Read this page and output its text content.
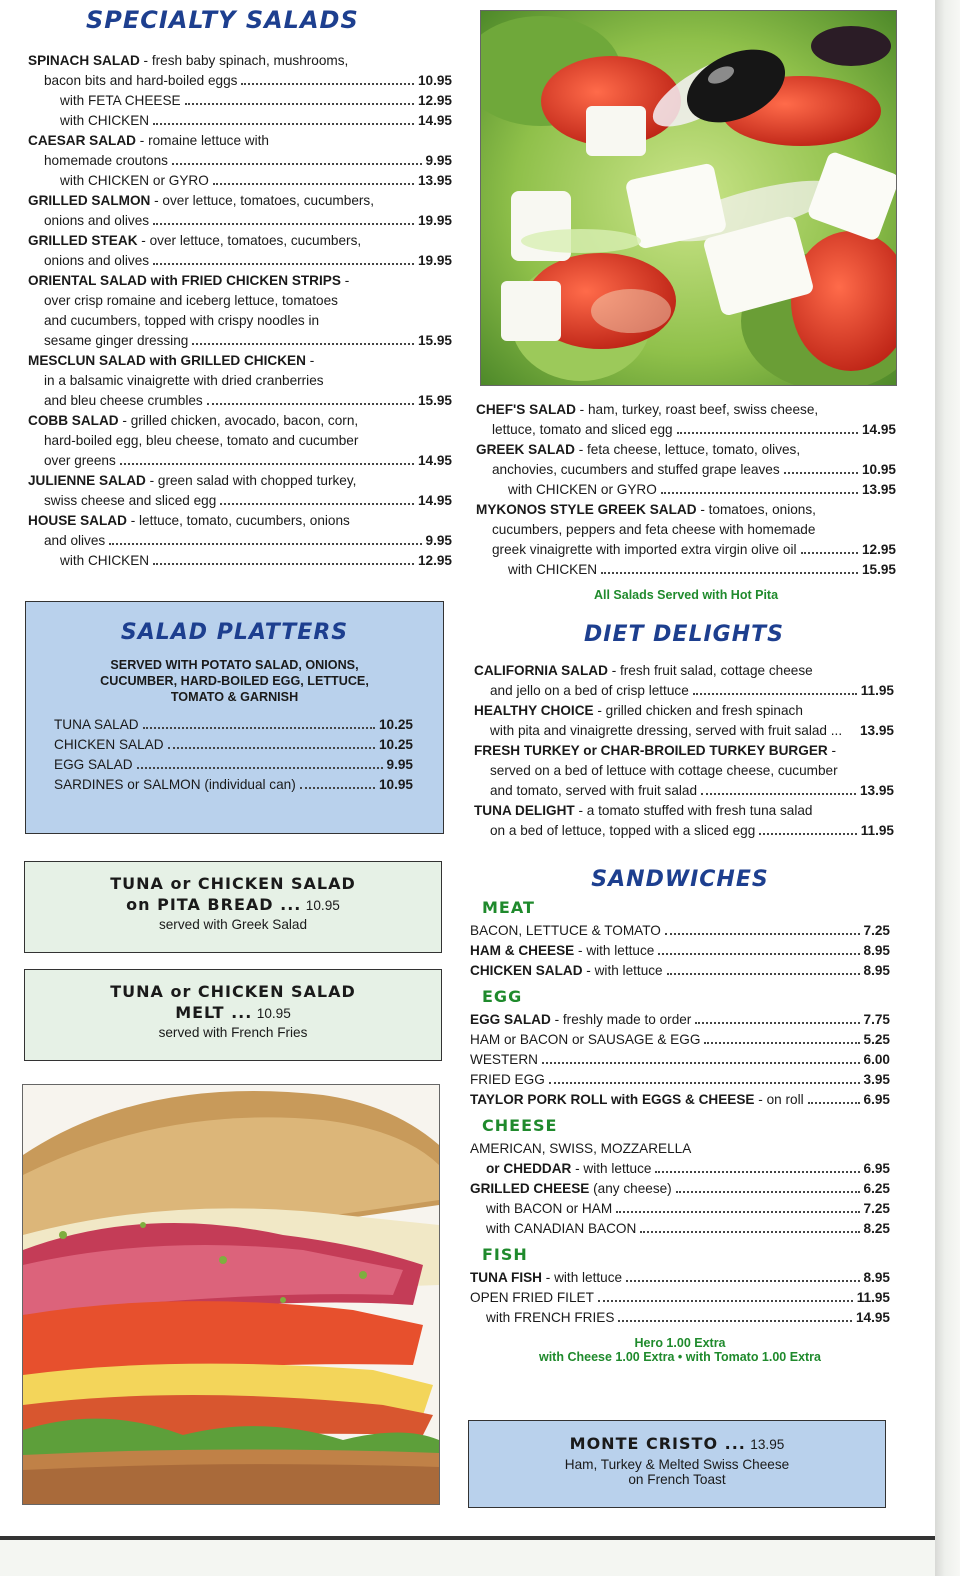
SPECIALTY SALADS
SPINACH SALAD - fresh baby spinach, mushrooms,
bacon bits and hard-boiled eggs	10.95
with FETA CHEESE	12.95
with CHICKEN	14.95
CAESAR SALAD - romaine lettuce with
homemade croutons	9.95
with CHICKEN or GYRO	13.95
GRILLED SALMON - over lettuce, tomatoes, cucumbers,
onions and olives	19.95
GRILLED STEAK - over lettuce, tomatoes, cucumbers,
onions and olives	19.95
ORIENTAL SALAD with FRIED CHICKEN STRIPS -
over crisp romaine and iceberg lettuce, tomatoes
and cucumbers, topped with crispy noodles in
sesame ginger dressing	15.95
MESCLUN SALAD with GRILLED CHICKEN -
in a balsamic vinaigrette with dried cranberries
and bleu cheese crumbles	15.95
COBB SALAD - grilled chicken, avocado, bacon, corn,
hard-boiled egg, bleu cheese, tomato and cucumber
over greens	14.95
JULIENNE SALAD - green salad with chopped turkey,
swiss cheese and sliced egg	14.95
HOUSE SALAD - lettuce, tomato, cucumbers, onions
and olives	9.95
with CHICKEN	12.95
CHEF'S SALAD - ham, turkey, roast beef, swiss cheese,
lettuce, tomato and sliced egg	14.95
GREEK SALAD - feta cheese, lettuce, tomato, olives,
anchovies, cucumbers and stuffed grape leaves	10.95
with CHICKEN or GYRO	13.95
MYKONOS STYLE GREEK SALAD - tomatoes, onions,
cucumbers, peppers and feta cheese with homemade
greek vinaigrette with imported extra virgin olive oil	12.95
with CHICKEN	15.95
All Salads Served with Hot Pita
SALAD PLATTERS
SERVED WITH POTATO SALAD, ONIONS,
CUCUMBER, HARD-BOILED EGG, LETTUCE,
TOMATO & GARNISH
TUNA SALAD	10.25
CHICKEN SALAD	10.25
EGG SALAD	9.95
SARDINES or SALMON (individual can)	10.95
TUNA or CHICKEN SALAD
on PITA BREAD ... 10.95
served with Greek Salad
TUNA or CHICKEN SALAD
MELT ... 10.95
served with French Fries
DIET DELIGHTS
CALIFORNIA SALAD - fresh fruit salad, cottage cheese
and jello on a bed of crisp lettuce	11.95
HEALTHY CHOICE - grilled chicken and fresh spinach
with pita and vinaigrette dressing, served with fruit salad ... 13.95
FRESH TURKEY or CHAR-BROILED TURKEY BURGER -
served on a bed of lettuce with cottage cheese, cucumber
and tomato, served with fruit salad	13.95
TUNA DELIGHT - a tomato stuffed with fresh tuna salad
on a bed of lettuce, topped with a sliced egg	11.95
SANDWICHES
MEAT
BACON, LETTUCE & TOMATO	7.25
HAM & CHEESE - with lettuce	8.95
CHICKEN SALAD - with lettuce	8.95
EGG
EGG SALAD - freshly made to order	7.75
HAM or BACON or SAUSAGE & EGG	5.25
WESTERN	6.00
FRIED EGG	3.95
TAYLOR PORK ROLL with EGGS & CHEESE - on roll	6.95
CHEESE
AMERICAN, SWISS, MOZZARELLA
or CHEDDAR - with lettuce	6.95
GRILLED CHEESE (any cheese)	6.25
with BACON or HAM	7.25
with CANADIAN BACON	8.25
FISH
TUNA FISH - with lettuce	8.95
OPEN FRIED FILET	11.95
with FRENCH FRIES	14.95
Hero 1.00 Extra
with Cheese 1.00 Extra • with Tomato 1.00 Extra
MONTE CRISTO ... 13.95
Ham, Turkey & Melted Swiss Cheese
on French Toast
